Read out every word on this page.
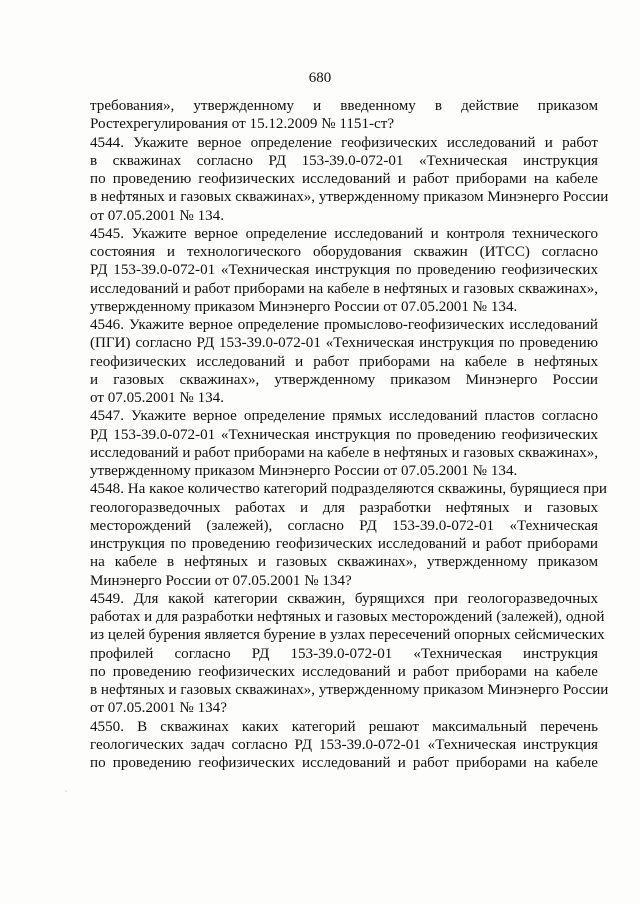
680
требования», утвержденному и введенному в действие приказом
Ростехрегулирования от 15.12.2009 № 1151-ст?
4544. Укажите верное определение геофизических исследований и работ
в скважинах согласно РД 153-39.0-072-01 «Техническая инструкция
по проведению геофизических исследований и работ приборами на кабеле
в нефтяных и газовых скважинах», утвержденному приказом Минэнерго России
от 07.05.2001 № 134.
4545. Укажите верное определение исследований и контроля технического
состояния и технологического оборудования скважин (ИТСС) согласно
РД 153-39.0-072-01 «Техническая инструкция по проведению геофизических
исследований и работ приборами на кабеле в нефтяных и газовых скважинах»,
утвержденному приказом Минэнерго России от 07.05.2001 № 134.
4546. Укажите верное определение промыслово-геофизических исследований
(ПГИ) согласно РД 153-39.0-072-01 «Техническая инструкция по проведению
геофизических исследований и работ приборами на кабеле в нефтяных
и газовых скважинах», утвержденному приказом Минэнерго России
от 07.05.2001 № 134.
4547. Укажите верное определение прямых исследований пластов согласно
РД 153-39.0-072-01 «Техническая инструкция по проведению геофизических
исследований и работ приборами на кабеле в нефтяных и газовых скважинах»,
утвержденному приказом Минэнерго России от 07.05.2001 № 134.
4548. На какое количество категорий подразделяются скважины, бурящиеся при
геологоразведочных работах и для разработки нефтяных и газовых
месторождений (залежей), согласно РД 153-39.0-072-01 «Техническая
инструкция по проведению геофизических исследований и работ приборами
на кабеле в нефтяных и газовых скважинах», утвержденному приказом
Минэнерго России от 07.05.2001 № 134?
4549. Для какой категории скважин, бурящихся при геологоразведочных
работах и для разработки нефтяных и газовых месторождений (залежей), одной
из целей бурения является бурение в узлах пересечений опорных сейсмических
профилей согласно РД 153-39.0-072-01 «Техническая инструкция
по проведению геофизических исследований и работ приборами на кабеле
в нефтяных и газовых скважинах», утвержденному приказом Минэнерго России
от 07.05.2001 № 134?
4550. В скважинах каких категорий решают максимальный перечень
геологических задач согласно РД 153-39.0-072-01 «Техническая инструкция
по проведению геофизических исследований и работ приборами на кабеле
˙
